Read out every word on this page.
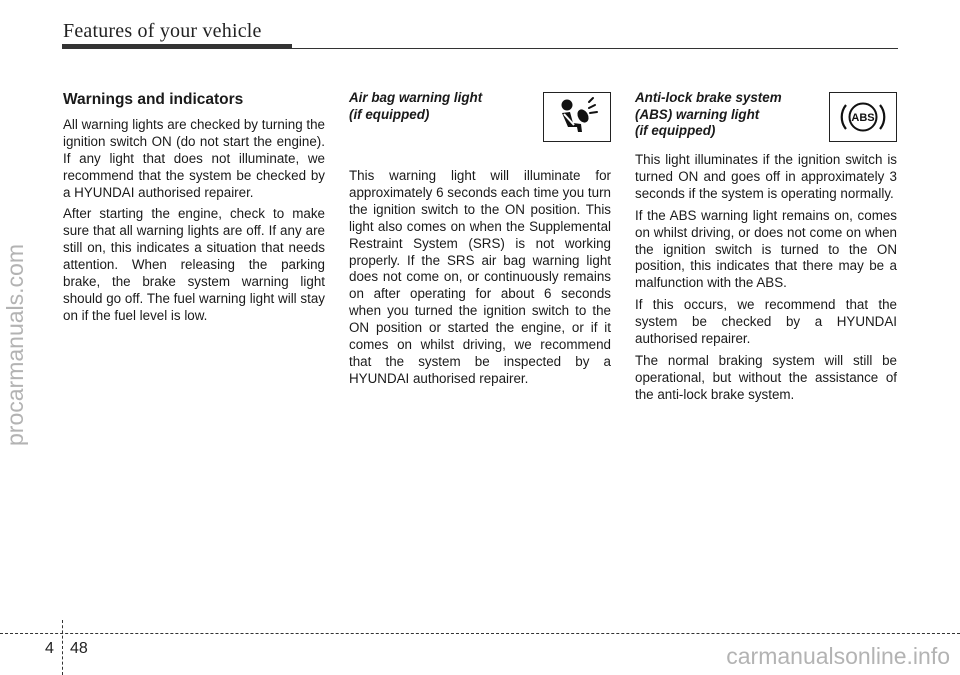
Features of your vehicle
procarmanuals.com
Warnings and indicators

All warning lights are checked by turning the ignition switch ON (do not start the engine). If any light that does not illuminate, we recommend that the system be checked by a HYUNDAI authorised repairer.

After starting the engine, check to make sure that all warning lights are off. If any are still on, this indicates a situation that needs attention. When releasing the parking brake, the brake system warning light should go off. The fuel warning light will stay on if the fuel level is low.

Air bag warning light
(if equipped)

This warning light will illuminate for approximately 6 seconds each time you turn the ignition switch to the ON position. This light also comes on when the Supplemental Restraint System (SRS) is not working properly. If the SRS air bag warning light does not come on, or continuously remains on after operating for about 6 seconds when you turned the ignition switch to the ON position or started the engine, or if it comes on whilst driving, we recommend that the system be inspected by a HYUNDAI authorised repairer.

Anti-lock brake system
(ABS) warning light
(if equipped)
ABS

This light illuminates if the ignition switch is turned ON and goes off in approximately 3 seconds if the system is operating normally.

If the ABS warning light remains on, comes on whilst driving, or does not come on when the ignition switch is turned to the ON position, this indicates that there may be a malfunction with the ABS.

If this occurs, we recommend that the system be checked by a HYUNDAI authorised repairer.

The normal braking system will still be operational, but without the assistance of the anti-lock brake system.

4 48	carmanualsonline.info
